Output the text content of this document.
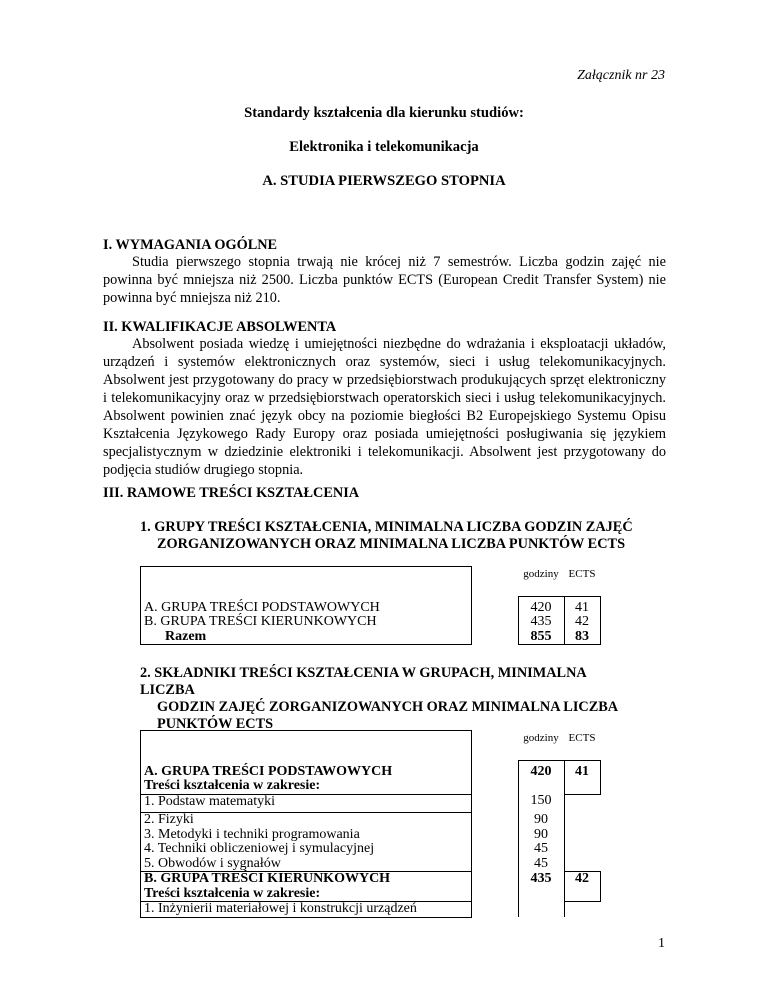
Załącznik nr 23
Standardy kształcenia dla kierunku studiów:
Elektronika i telekomunikacja
A. STUDIA PIERWSZEGO STOPNIA
I. WYMAGANIA OGÓLNE
Studia pierwszego stopnia trwają nie krócej niż 7 semestrów. Liczba godzin zajęć nie powinna być mniejsza niż 2500. Liczba punktów ECTS (European Credit Transfer System) nie powinna być mniejsza niż 210.
II. KWALIFIKACJE ABSOLWENTA
Absolwent posiada wiedzę i umiejętności niezbędne do wdrażania i eksploatacji układów, urządzeń i systemów elektronicznych oraz systemów, sieci i usług telekomunikacyjnych. Absolwent jest przygotowany do pracy w przedsiębiorstwach produkujących sprzęt elektroniczny i telekomunikacyjny oraz w przedsiębiorstwach operatorskich sieci i usług telekomunikacyjnych. Absolwent powinien znać język obcy na poziomie biegłości B2 Europejskiego Systemu Opisu Kształcenia Językowego Rady Europy oraz posiada umiejętności posługiwania się językiem specjalistycznym w dziedzinie elektroniki i telekomunikacji. Absolwent jest przygotowany do podjęcia studiów drugiego stopnia.
III. RAMOWE TREŚCI KSZTAŁCENIA
1. GRUPY TREŚCI KSZTAŁCENIA, MINIMALNA LICZBA GODZIN ZAJĘĆ
ZORGANIZOWANYCH ORAZ MINIMALNA LICZBA PUNKTÓW ECTS
		godziny	ECTS

A. GRUPA TREŚCI PODSTAWOWYCH		420	41
B. GRUPA TREŚCI KIERUNKOWYCH		435	42
Razem		855	83
2. SKŁADNIKI TREŚCI KSZTAŁCENIA W GRUPACH, MINIMALNA LICZBA
GODZIN ZAJĘĆ ZORGANIZOWANYCH ORAZ MINIMALNA LICZBA
PUNKTÓW ECTS
		godziny	ECTS

A. GRUPA TREŚCI PODSTAWOWYCH		420	41
Treści kształcenia w zakresie:			
1. Podstaw matematyki		150	
2. Fizyki		90	
3. Metodyki i techniki programowania		90	
4. Techniki obliczeniowej i symulacyjnej		45	
5. Obwodów i sygnałów		45	
B. GRUPA TREŚCI KIERUNKOWYCH		435	42
Treści kształcenia w zakresie:			
1. Inżynierii materiałowej i konstrukcji urządzeń			
1
